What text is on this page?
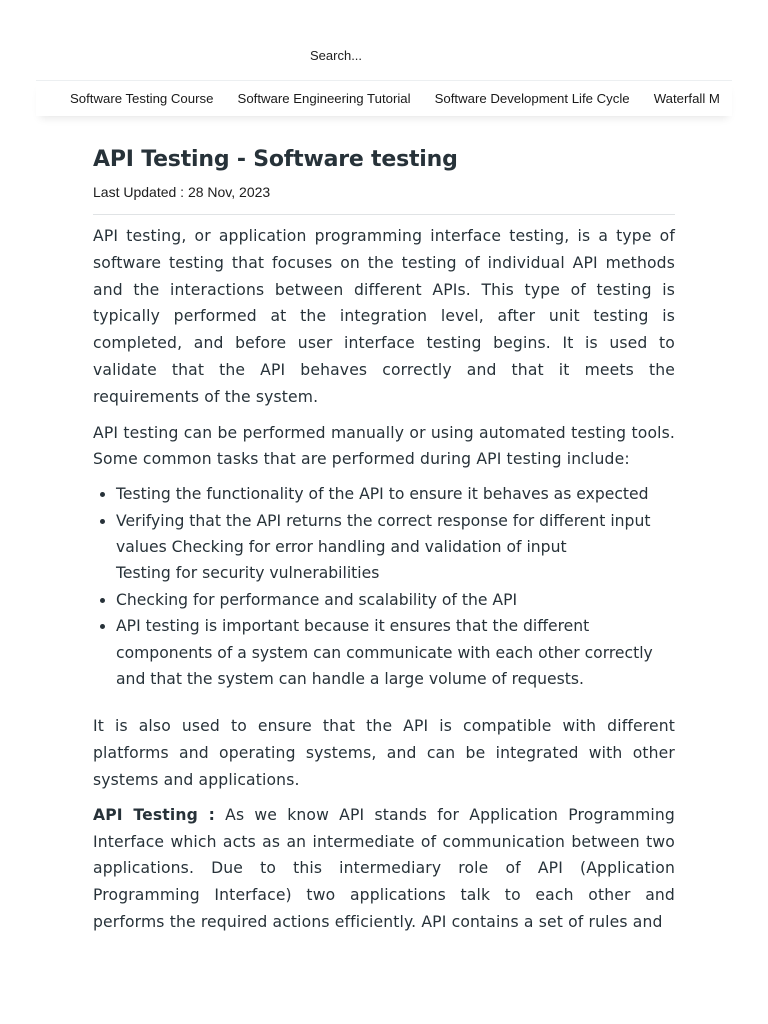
Search...
Software Testing Course Software Engineering Tutorial Software Development Life Cycle Waterfall M
API Testing - Software testing
Last Updated : 28 Nov, 2023

API testing, or application programming interface testing, is a type of software testing that focuses on the testing of individual API methods and the interactions between different APIs. This type of testing is typically performed at the integration level, after unit testing is completed, and before user interface testing begins. It is used to validate that the API behaves correctly and that it meets the requirements of the system.

API testing can be performed manually or using automated testing tools. Some common tasks that are performed during API testing include:

• Testing the functionality of the API to ensure it behaves as expected
• Verifying that the API returns the correct response for different input values Checking for error handling and validation of input
Testing for security vulnerabilities
• Checking for performance and scalability of the API
• API testing is important because it ensures that the different components of a system can communicate with each other correctly and that the system can handle a large volume of requests.

It is also used to ensure that the API is compatible with different platforms and operating systems, and can be integrated with other systems and applications.

API Testing : As we know API stands for Application Programming Interface which acts as an intermediate of communication between two applications. Due to this intermediary role of API (Application Programming Interface) two applications talk to each other and performs the required actions efficiently. API contains a set of rules and
